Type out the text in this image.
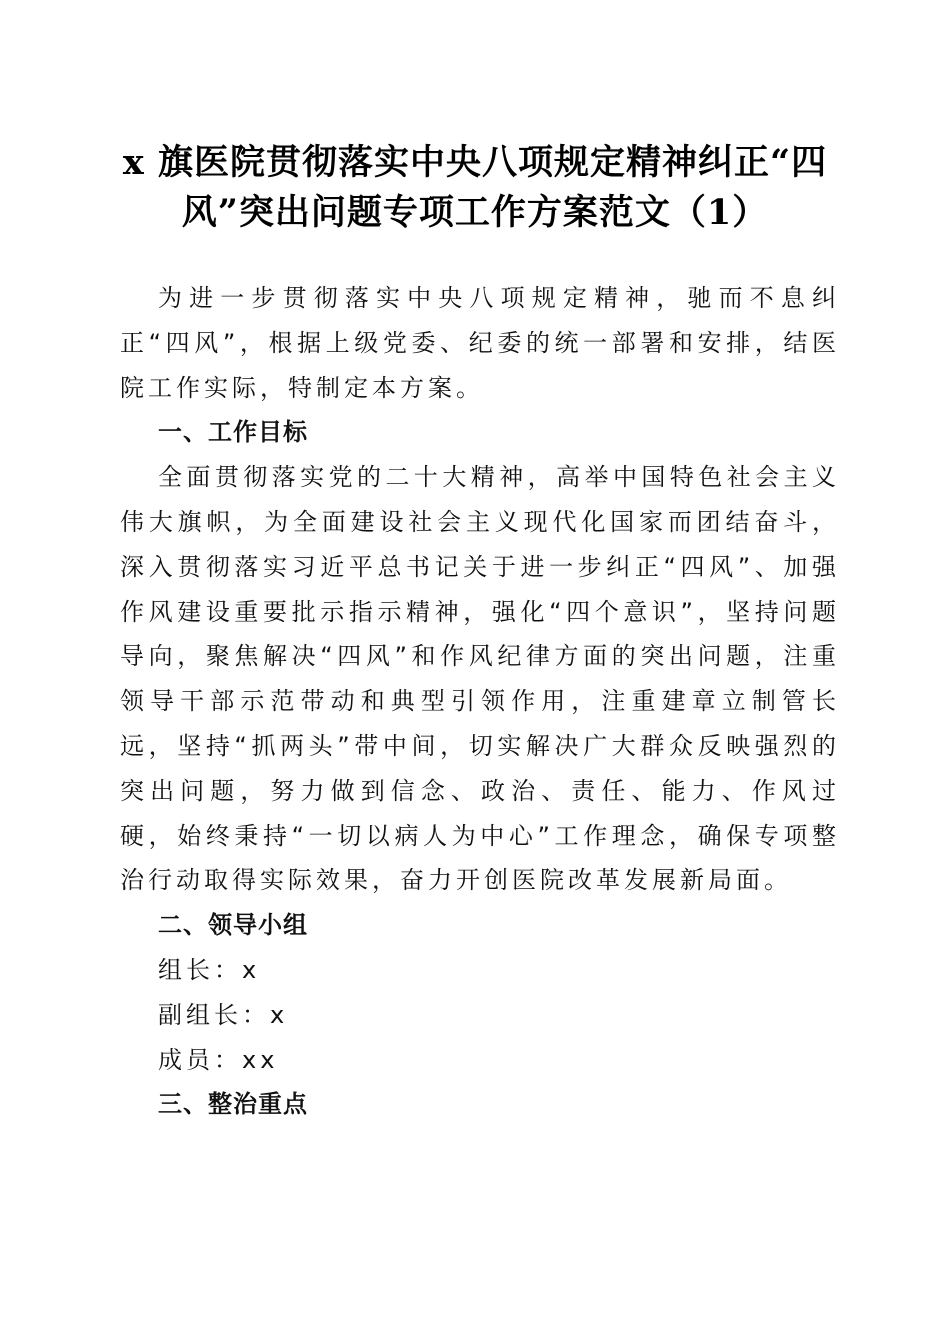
x 旗医院贯彻落实中央八项规定精神纠正“四
风”突出问题专项工作方案范文（1）

为进一步贯彻落实中央八项规定精神，驰而不息纠正“四风”，根据上级党委、纪委的统一部署和安排，结医院工作实际，特制定本方案。

一、工作目标

全面贯彻落实党的二十大精神，高举中国特色社会主义伟大旗帜，为全面建设社会主义现代化国家而团结奋斗，深入贯彻落实习近平总书记关于进一步纠正“四风”、加强作风建设重要批示指示精神，强化“四个意识”，坚持问题导向，聚焦解决“四风”和作风纪律方面的突出问题，注重领导干部示范带动和典型引领作用，注重建章立制管长远，坚持“抓两头”带中间，切实解决广大群众反映强烈的突出问题，努力做到信念、政治、责任、能力、作风过硬，始终秉持“一切以病人为中心”工作理念，确保专项整治行动取得实际效果，奋力开创医院改革发展新局面。

二、领导小组

组长：x

副组长：x

成员：xx

三、整治重点
